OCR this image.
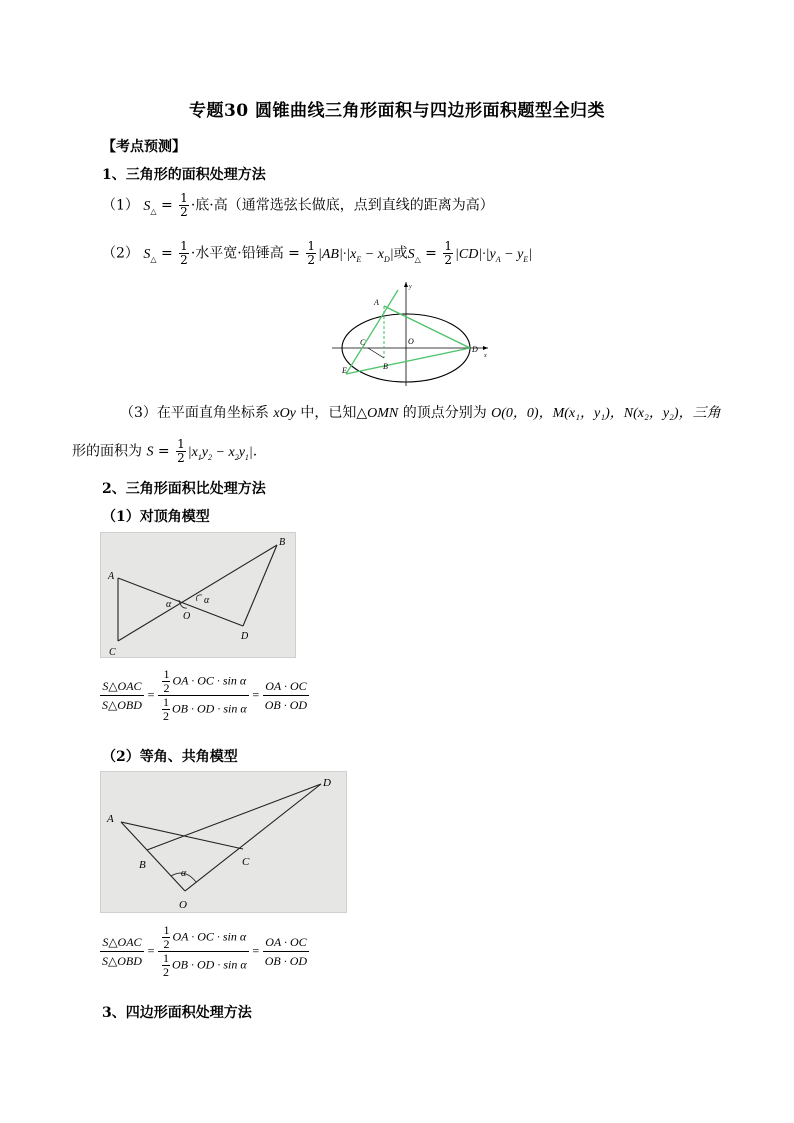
专题30 圆锥曲线三角形面积与四边形面积题型全归类
【考点预测】
1、三角形的面积处理方法
（1） $S_\triangle = \frac{1}{2}$ ·底·高（通常选弦长做底，点到直线的距离为高）
（2） $S_\triangle = \frac{1}{2}$ ·水平宽·铅锤高 = $\frac{1}{2} |AB|\cdot|x_E - x_D|$或$S_\triangle = \frac{1}{2} |CD|\cdot|y_A - y_E|$
A
B
C
D
E
O
x
y
（3）在平面直角坐标系 xOy 中，已知△OMN 的顶点分别为 O(0，0)，M(x₁，y₁)，N(x₂，y₂)，三角
形的面积为 $S = \frac{1}{2} |x_1y_2 - x_2y_1|$.
2、三角形面积比处理方法
（1）对顶角模型
A
B
C
D
O
α	α
S△OAC
S△OBD
= $\frac{\frac{1}{2} OA \cdot OC \cdot \sin \alpha}{\frac{1}{2} OB \cdot OD \cdot \sin \alpha} = \frac{OA \cdot OC}{OB \cdot OD}$
（2）等角、共角模型
A
B	C
D
O
α
S△OAC
S△OBD
= $\frac{\frac{1}{2} OA \cdot OC \cdot \sin \alpha}{\frac{1}{2} OB \cdot OD \cdot \sin \alpha} = \frac{OA \cdot OC}{OB \cdot OD}$
3、四边形面积处理方法
